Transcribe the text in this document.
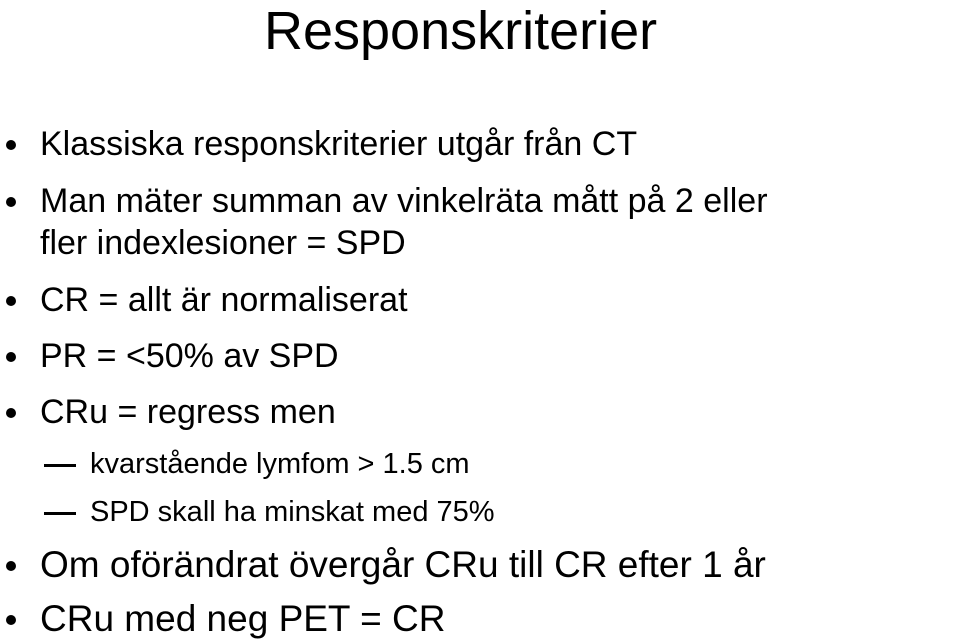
Responskriterier
Klassiska responskriterier utgår från CT
Man mäter summan av vinkelräta mått på 2 eller
fler indexlesioner = SPD
CR = allt är normaliserat
PR = <50% av SPD
CRu = regress men
kvarstående lymfom > 1.5 cm
SPD skall ha minskat med 75%
Om oförändrat övergår CRu till CR efter 1 år
CRu med neg PET = CR
